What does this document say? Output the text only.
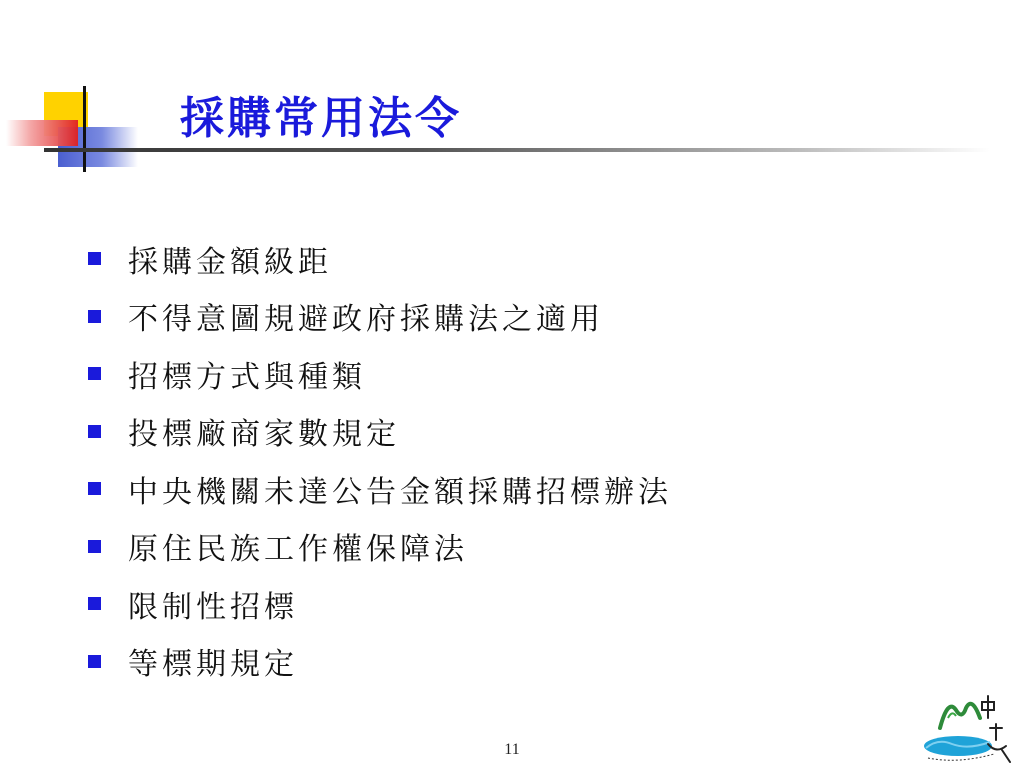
採購常用法令
採購金額級距
不得意圖規避政府採購法之適用
招標方式與種類
投標廠商家數規定
中央機關未達公告金額採購招標辦法
原住民族工作權保障法
限制性招標
等標期規定
11
